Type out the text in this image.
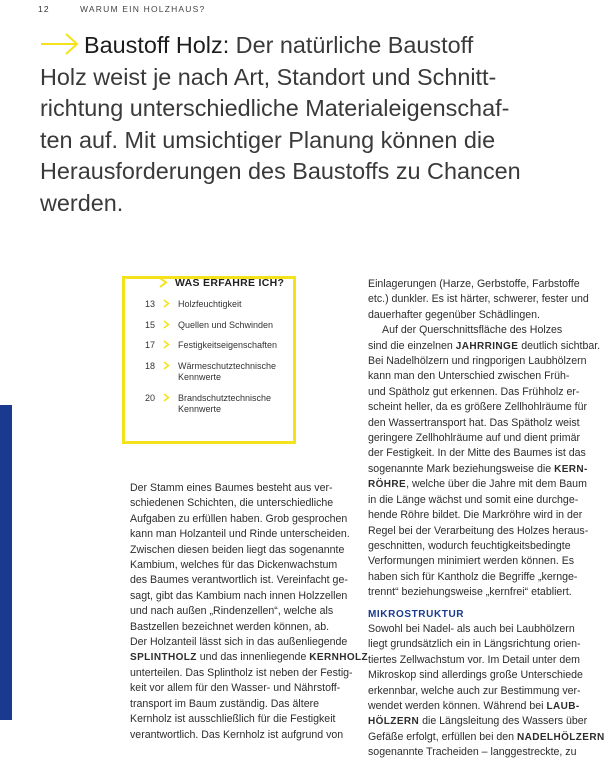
12	WARUM EIN HOLZHAUS?
Baustoff Holz: Der natürliche Baustoff
Holz weist je nach Art, Standort und Schnitt-
richtung unterschiedliche Materialeigenschaf-
ten auf. Mit umsichtiger Planung können die
Herausforderungen des Baustoffs zu Chancen
werden.
WAS ERFAHRE ICH?
13	Holzfeuchtigkeit
15	Quellen und Schwinden
17	Festigkeitseigenschaften
18	Wärmeschutztechnische Kennwerte
20	Brandschutztechnische Kennwerte
Der Stamm eines Baumes besteht aus ver-
schiedenen Schichten, die unterschiedliche
Aufgaben zu erfüllen haben. Grob gesprochen
kann man Holzanteil und Rinde unterscheiden.
Zwischen diesen beiden liegt das sogenannte
Kambium, welches für das Dickenwachstum
des Baumes verantwortlich ist. Vereinfacht ge-
sagt, gibt das Kambium nach innen Holzzellen
und nach außen „Rindenzellen“, welche als
Bastzellen bezeichnet werden können, ab.
Der Holzanteil lässt sich in das außenliegende
SPLINTHOLZ und das innenliegende KERNHOLZ
unterteilen. Das Splintholz ist neben der Festig-
keit vor allem für den Wasser- und Nährstoff-
transport im Baum zuständig. Das ältere
Kernholz ist ausschließlich für die Festigkeit
verantwortlich. Das Kernholz ist aufgrund von
Einlagerungen (Harze, Gerbstoffe, Farbstoffe
etc.) dunkler. Es ist härter, schwerer, fester und
dauerhafter gegenüber Schädlingen.
Auf der Querschnittsfläche des Holzes
sind die einzelnen JAHRRINGE deutlich sichtbar.
Bei Nadelhölzern und ringporigen Laubhölzern
kann man den Unterschied zwischen Früh-
und Spätholz gut erkennen. Das Frühholz er-
scheint heller, da es größere Zellhohlräume für
den Wassertransport hat. Das Spätholz weist
geringere Zellhohlräume auf und dient primär
der Festigkeit. In der Mitte des Baumes ist das
sogenannte Mark beziehungsweise die KERN-
RÖHRE, welche über die Jahre mit dem Baum
in die Länge wächst und somit eine durchge-
hende Röhre bildet. Die Markröhre wird in der
Regel bei der Verarbeitung des Holzes heraus-
geschnitten, wodurch feuchtigkeitsbedingte
Verformungen minimiert werden können. Es
haben sich für Kantholz die Begriffe „kerngе-
trennt“ beziehungsweise „kernfrei“ etabliert.
MIKROSTRUKTUR
Sowohl bei Nadel- als auch bei Laubhölzern
liegt grundsätzlich ein in Längsrichtung orien-
tiertes Zellwachstum vor. Im Detail unter dem
Mikroskop sind allerdings große Unterschiede
erkennbar, welche auch zur Bestimmung ver-
wendet werden können. Während bei LAUB-
HÖLZERN die Längsleitung des Wassers über
Gefäße erfolgt, erfüllen bei den NADELHÖLZERN
sogenannte Tracheiden – langgestreckte, zu
